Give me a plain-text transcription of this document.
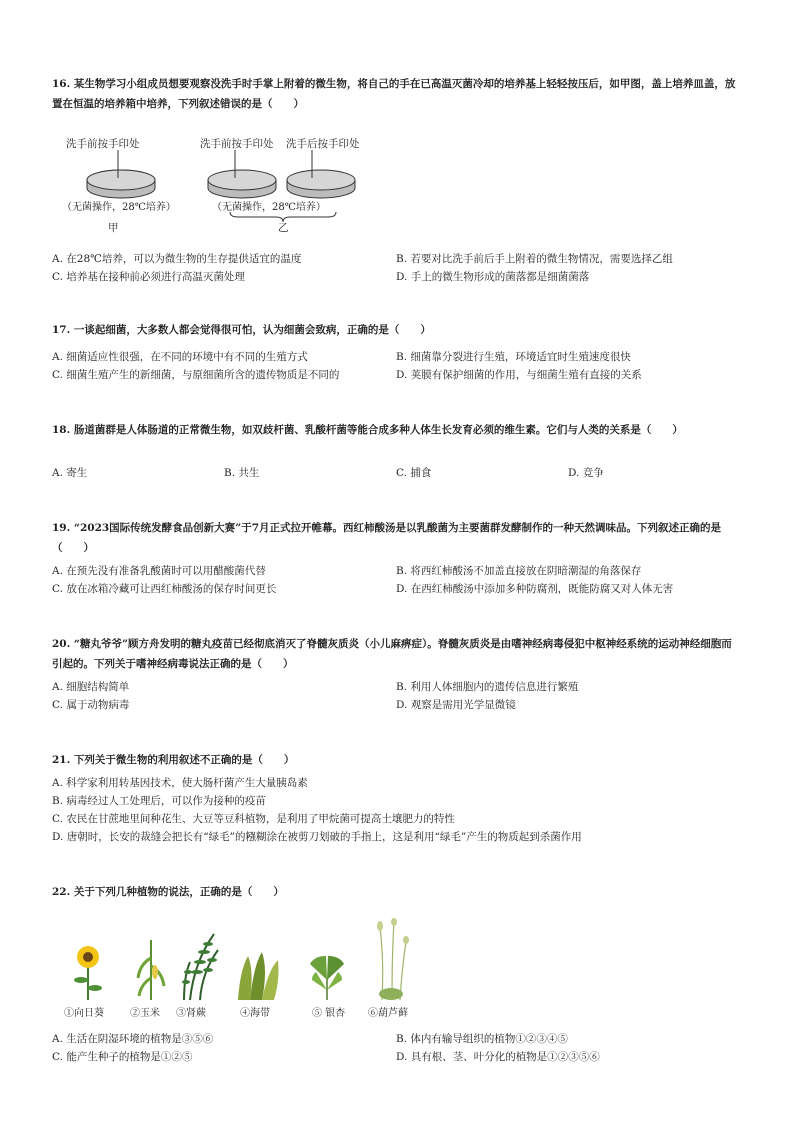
16. 某生物学习小组成员想要观察没洗手时手掌上附着的微生物，将自己的手在已高温灭菌冷却的培养基上轻轻按压后，如甲图，盖上培养皿盖，放置在恒温的培养箱中培养，下列叙述错误的是（　　）
洗手前按手印处
（无菌操作，28℃培养）
甲
洗手前按手印处 洗手后按手印处
（无菌操作，28℃培养）
乙
A. 在28℃培养，可以为微生物的生存提供适宜的温度	B. 若要对比洗手前后手上附着的微生物情况，需要选择乙组
C. 培养基在接种前必须进行高温灭菌处理	D. 手上的微生物形成的菌落都是细菌菌落
17. 一谈起细菌，大多数人都会觉得很可怕，认为细菌会致病，正确的是（　　）
A. 细菌适应性很强，在不同的环境中有不同的生殖方式	B. 细菌靠分裂进行生殖，环境适宜时生殖速度很快
C. 细菌生殖产生的新细菌，与原细菌所含的遗传物质是不同的	D. 荚膜有保护细菌的作用，与细菌生殖有直接的关系
18. 肠道菌群是人体肠道的正常微生物，如双歧杆菌、乳酸杆菌等能合成多种人体生长发育必须的维生素。它们与人类的关系是（　　）
A. 寄生	B. 共生	C. 捕食	D. 竞争
19. “2023国际传统发酵食品创新大赛”于7月正式拉开帷幕。西红柿酸汤是以乳酸菌为主要菌群发酵制作的一种天然调味品。下列叙述正确的是（　　）
A. 在预先没有准备乳酸菌时可以用醋酸菌代替	B. 将西红柿酸汤不加盖直接放在阴暗潮湿的角落保存
C. 放在冰箱冷藏可让西红柿酸汤的保存时间更长	D. 在西红柿酸汤中添加多种防腐剂，既能防腐又对人体无害
20. “糖丸爷爷”顾方舟发明的糖丸疫苗已经彻底消灭了脊髓灰质炎（小儿麻痹症）。脊髓灰质炎是由嗜神经病毒侵犯中枢神经系统的运动神经细胞而引起的。下列关于嗜神经病毒说法正确的是（　　）
A. 细胞结构简单	B. 利用人体细胞内的遗传信息进行繁殖
C. 属于动物病毒	D. 观察是需用光学显微镜
21. 下列关于微生物的利用叙述不正确的是（　　）
A. 科学家利用转基因技术，使大肠杆菌产生大量胰岛素
B. 病毒经过人工处理后，可以作为接种的疫苗
C. 农民在甘蔗地里间种花生、大豆等豆科植物，是利用了甲烷菌可提高土壤肥力的特性
D. 唐朝时，长安的裁缝会把长有“绿毛”的糨糊涂在被剪刀划破的手指上，这是利用“绿毛”产生的物质起到杀菌作用
22. 关于下列几种植物的说法，正确的是（　　）
①向日葵	②玉米 ③肾蕨	④海带	⑤ 银杏 ⑥葫芦藓
A. 生活在阴湿环境的植物是③⑤⑥	B. 体内有输导组织的植物①②③④⑤
C. 能产生种子的植物是①②⑤	D. 具有根、茎、叶分化的植物是①②③⑤⑥
